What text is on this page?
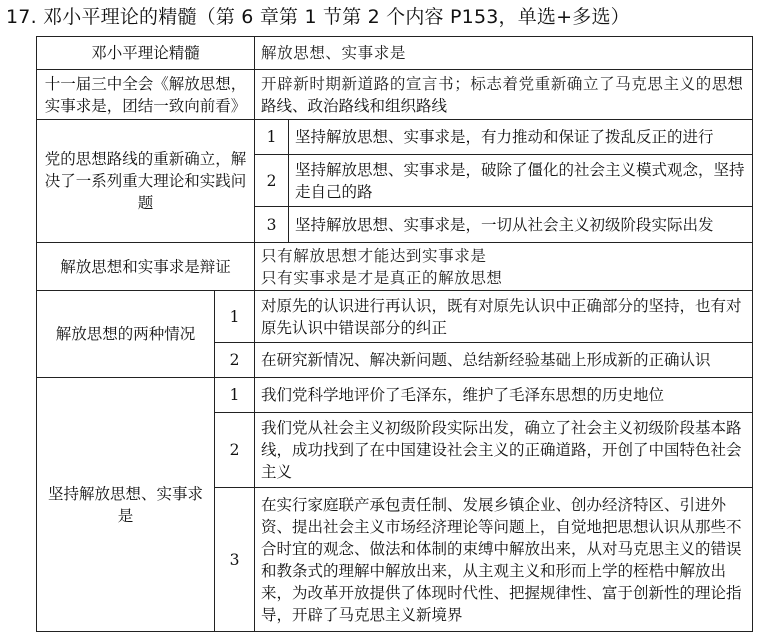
17. 邓小平理论的精髓（第 6 章第 1 节第 2 个内容 P153，单选+多选）
邓小平理论精髓		解放思想、实事求是	
十一届三中全会《解放思想，实事求是，团结一致向前看》		开辟新时期新道路的宣言书；标志着党重新确立了马克思主义的思想路线、政治路线和组织路线	
党的思想路线的重新确立，解决了一系列重大理论和实践问题		1	坚持解放思想、实事求是，有力推动和保证了拨乱反正的进行
		2	坚持解放思想、实事求是，破除了僵化的社会主义模式观念，坚持走自己的路
		3	坚持解放思想、实事求是，一切从社会主义初级阶段实际出发
解放思想和实事求是辩证		只有解放思想才能达到实事求是
只有实事求是才是真正的解放思想	

解放思想的两种情况	1	对原先的认识进行再认识，既有对原先认识中正确部分的坚持，也有对原先认识中错误部分的纠正	
	2	在研究新情况、解决新问题、总结新经验基础上形成新的正确认识	
坚持解放思想、实事求是	1	我们党科学地评价了毛泽东，维护了毛泽东思想的历史地位	
	2	我们党从社会主义初级阶段实际出发，确立了社会主义初级阶段基本路线，成功找到了在中国建设社会主义的正确道路，开创了中国特色社会主义	
	3	在实行家庭联产承包责任制、发展乡镇企业、创办经济特区、引进外资、提出社会主义市场经济理论等问题上，自觉地把思想认识从那些不合时宜的观念、做法和体制的束缚中解放出来，从对马克思主义的错误和教条式的理解中解放出来，从主观主义和形而上学的桎梏中解放出来，为改革开放提供了体现时代性、把握规律性、富于创新性的理论指导，开辟了马克思主义新境界	
